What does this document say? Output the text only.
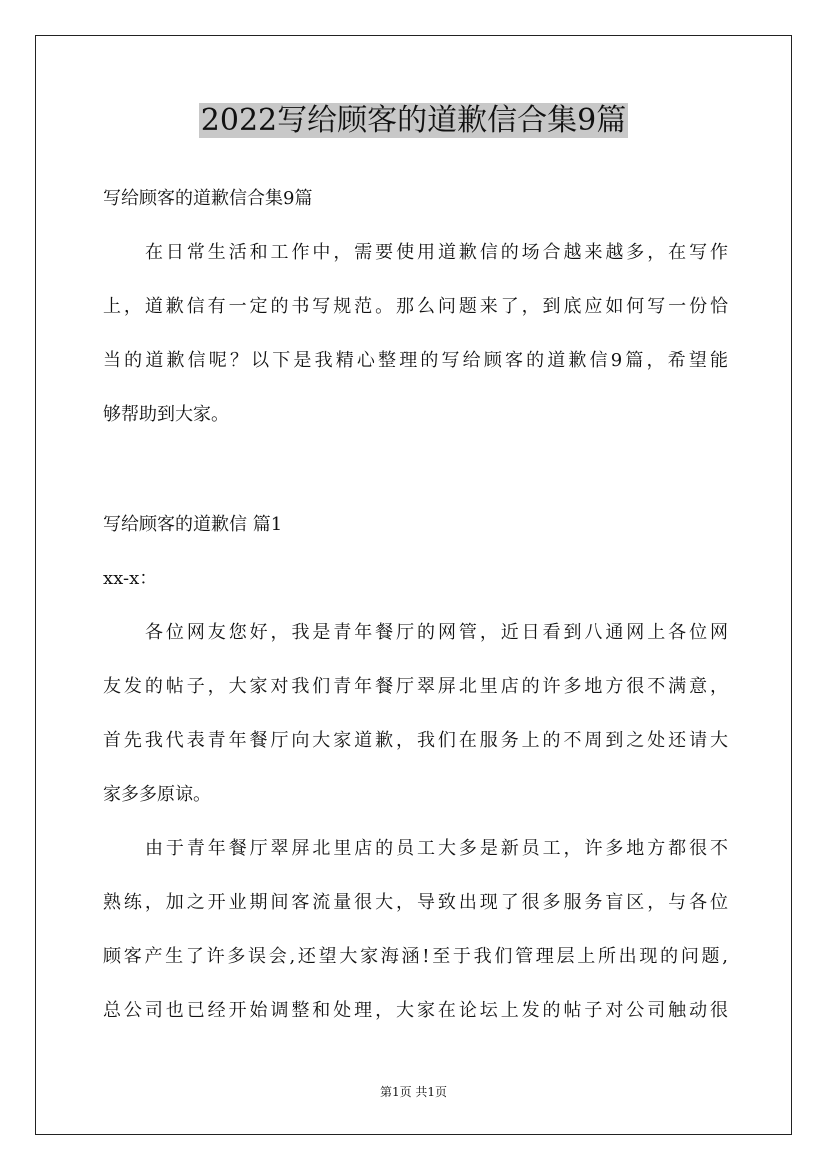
2022写给顾客的道歉信合集9篇
写给顾客的道歉信合集9篇
在日常生活和工作中，需要使用道歉信的场合越来越多，在写作
上，道歉信有一定的书写规范。那么问题来了，到底应如何写一份恰
当的道歉信呢？以下是我精心整理的写给顾客的道歉信9篇，希望能
够帮助到大家。
写给顾客的道歉信 篇1
xx-x：
各位网友您好，我是青年餐厅的网管，近日看到八通网上各位网
友发的帖子，大家对我们青年餐厅翠屏北里店的许多地方很不满意，
首先我代表青年餐厅向大家道歉，我们在服务上的不周到之处还请大
家多多原谅。
由于青年餐厅翠屏北里店的员工大多是新员工，许多地方都很不
熟练，加之开业期间客流量很大，导致出现了很多服务盲区，与各位
顾客产生了许多误会,还望大家海涵!至于我们管理层上所出现的问题,
总公司也已经开始调整和处理，大家在论坛上发的帖子对公司触动很
第1页 共1页
